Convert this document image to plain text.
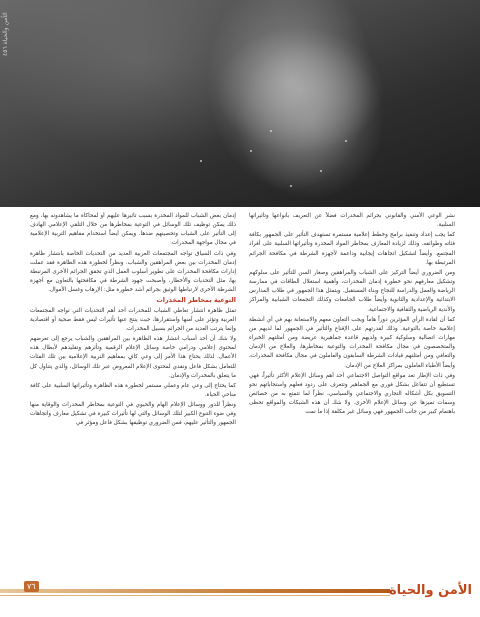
الأمن والحياة ٤٥٦

إدمان بعض الشباب للمواد المخدرة بسبب تأثيرها عليهم أو لمحاكاة ما يشاهدونه بها، ومع ذلك يمكن توظيف تلك الوسائل في التوعية بمخاطرها من خلال التلقي الإعلامي الهادف إلى التأثير على الشباب وتحصينهم ضدها. ويمكن أيضاً استخدام مفاهيم التربية الإعلامية في مجال مواجهة المخدرات.

وفي ذات السياق تواجه المجتمعات العربية العديد من التحديات الخاصة بانتشار ظاهرة إدمان المخدرات بين بعض المراهقين والشباب. ونظراً لخطورة هذه الظاهرة فقد عملت إدارات مكافحة المخدرات على تطوير أسلوب العمل الذي تحقق الجرائم الأخرى المرتبطة بها، مثل التحديات والأخطار، وأصبحت جهود الشرطة في مكافحتها بالتعاون مع أجهزة الشرطة الأخرى لارتباطها الوثيق بجرائم أشد خطورة مثل: الإرهاب وغسل الأموال.

التوعية بمخاطر المخدرات

تمثل ظاهرة انتشار تعاطي الشباب للمخدرات أحد أهم التحديات التي تواجه المجتمعات العربية وتؤثر على أمنها واستقرارها، حيث ينتج عنها تأثيرات ليس فقط صحية أو اقتصادية وإنما يترتب العديد من الجرائم بسبيل المخدرات.

ولا شك أن أحد أسباب انتشار هذه الظاهرة بين المراهقين والشباب يرجع إلى تعرضهم لمحتوى إعلامي ودرامي خاصة وسائل الإعلام الرقمية وتأثرهم وتقليدهم لأبطال هذه الأعمال. لذلك يحتاج هذا الأمر إلى وعي كافٍ بمفاهيم التربية الإعلامية بين تلك الفئات للتعامل بشكل فاعل ونقدي لمحتوى الإعلام المعروض عبر تلك الوسائل، والذي يتناول كل ما يتعلق بالمخدرات والإدمان.

كما يحتاج إلى وعي عام وعملي مستمر لخطورة هذه الظاهرة وتأثيراتها السلبية على كافة مناحي الحياة.

ونظراً للدور ووسائل الإعلام الهام والحيوي في التوعية بمخاطر المخدرات والوقاية منها وفي ضوء التنوع الكبير لتلك الوسائل والتي لها تأثيرات كبيرة في تشكيل معارف واتجاهات الجمهور والتأثير عليهم، فمن الضروري توظيفها بشكل فاعل ومؤثر في

نشر الوعي الأمني والقانوني بجرائم المخدرات فضلاً عن التعريف بأنواعها وتأثيراتها السلبية.

كما يجب إعداد وتنفيذ برامج وخطط إعلامية مستمرة تستهدف التأثير على الجمهور بكافة فئاته وطوائفه. وذلك لزيادة المعارف بمخاطر المواد المخدرة وتأثيراتها السلبية على أفراد المجتمع. وأيضاً لتشكيل اتجاهات إيجابية وداعمة لأجهزة الشرطة في مكافحة الجرائم المرتبطة بها.

ومن الضروري أيضاً التركيز على الشباب والمراهقين وصغار السن للتأثير على سلوكهم وتشكيل معارفهم نحو خطورة إدمان المخدرات، وأهمية استغلال الطاقات في ممارسة الرياضة والعمل والدراسة للنجاح وبناء المستقبل. ويتمثل هذا الجمهور في طلاب المدارس الابتدائية والإعدادية والثانوية وأيضاً طلاب الجامعات وكذلك التجمعات الشبابية والمراكز والأندية الرياضية والثقافية والاجتماعية.

كما أن لقادة الرأي المؤثرين دوراً هاماً ويجب التعاون معهم والاستعانة بهم في أي أنشطة إعلامية خاصة بالتوعية. وذلك لقدرتهم على الإقناع والتأثير في الجمهور لما لديهم من مهارات اتصالية وسلوكية كبيرة ولديهم قاعدة جماهيرية عريضة ومن أمثلتهم الخبراء والمتخصصون في مجال مكافحة المخدرات والتوعية بمخاطرها، والعلاج من الإدمان والتعافي ومن أمثلتهم قيادات الشرطة السابقون والعاملون في مجال مكافحة المخدرات، وأيضاً الأطباء العاملون بمراكز العلاج من الإدمان.

وفي ذات الإطار تعد مواقع التواصل الاجتماعي أحد أهم وسائل الإعلام الأكثر تأثيراً، فهي تستطيع أن تتفاعل بشكل فوري مع الجماهير وتتعرف على ردود فعلهم واستجاباتهم نحو التسويق بكل أشكاله التجاري والاجتماعي والسياسي، نظراً لما تتمتع به من خصائص وسمات تميزها عن وسائل الإعلام الأخرى. ولا شك أن هذه الشبكات والمواقع تحظى باهتمام كبير من جانب الجمهور فهي وسائل غير مكلفة إذا ما تمت

٧٦	الأمن والحياة
